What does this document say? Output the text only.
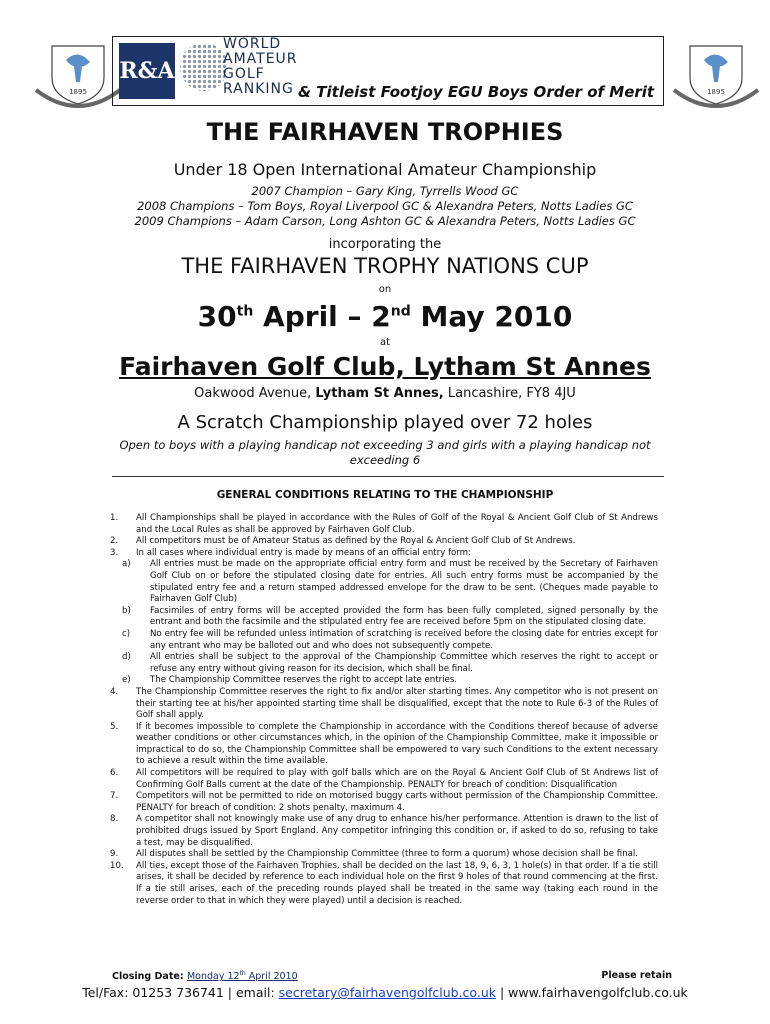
1895	1895
R&A
WORLD
AMATEUR
GOLF
RANKING & Titleist Footjoy EGU Boys Order of Merit
THE FAIRHAVEN TROPHIES
Under 18 Open International Amateur Championship
2007 Champion – Gary King, Tyrrells Wood GC
2008 Champions – Tom Boys, Royal Liverpool GC & Alexandra Peters, Notts Ladies GC
2009 Champions – Adam Carson, Long Ashton GC & Alexandra Peters, Notts Ladies GC
incorporating the
THE FAIRHAVEN TROPHY NATIONS CUP
on
30th April – 2nd May 2010
at
Fairhaven Golf Club, Lytham St Annes
Oakwood Avenue, Lytham St Annes, Lancashire, FY8 4JU
A Scratch Championship played over 72 holes
Open to boys with a playing handicap not exceeding 3 and girls with a playing handicap not exceeding 6
GENERAL CONDITIONS RELATING TO THE CHAMPIONSHIP
1.	All Championships shall be played in accordance with the Rules of Golf of the Royal & Ancient Golf Club of St Andrews and the Local Rules as shall be approved by Fairhaven Golf Club.
2.	All competitors must be of Amateur Status as defined by the Royal & Ancient Golf Club of St Andrews.
3.	In all cases where individual entry is made by means of an official entry form:
a)	All entries must be made on the appropriate official entry form and must be received by the Secretary of Fairhaven Golf Club on or before the stipulated closing date for entries. All such entry forms must be accompanied by the stipulated entry fee and a return stamped addressed envelope for the draw to be sent. (Cheques made payable to Fairhaven Golf Club)
b)	Facsimiles of entry forms will be accepted provided the form has been fully completed, signed personally by the entrant and both the facsimile and the stipulated entry fee are received before 5pm on the stipulated closing date.
c)	No entry fee will be refunded unless intimation of scratching is received before the closing date for entries except for any entrant who may be balloted out and who does not subsequently compete.
d)	All entries shall be subject to the approval of the Championship Committee which reserves the right to accept or refuse any entry without giving reason for its decision, which shall be final.
e)	The Championship Committee reserves the right to accept late entries.
4.	The Championship Committee reserves the right to fix and/or alter starting times. Any competitor who is not present on their starting tee at his/her appointed starting time shall be disqualified, except that the note to Rule 6-3 of the Rules of Golf shall apply.
5.	If it becomes impossible to complete the Championship in accordance with the Conditions thereof because of adverse weather conditions or other circumstances which, in the opinion of the Championship Committee, make it impossible or impractical to do so, the Championship Committee shall be empowered to vary such Conditions to the extent necessary to achieve a result within the time available.
6.	All competitors will be required to play with golf balls which are on the Royal & Ancient Golf Club of St Andrews list of Confirming Golf Balls current at the date of the Championship. PENALTY for breach of condition: Disqualification
7.	Competitors will not be permitted to ride on motorised buggy carts without permission of the Championship Committee. PENALTY for breach of condition: 2 shots penalty, maximum 4.
8.	A competitor shall not knowingly make use of any drug to enhance his/her performance. Attention is drawn to the list of prohibited drugs issued by Sport England. Any competitor infringing this condition or, if asked to do so, refusing to take a test, may be disqualified.
9.	All disputes shall be settled by the Championship Committee (three to form a quorum) whose decision shall be final.
10.	All ties, except those of the Fairhaven Trophies, shall be decided on the last 18, 9, 6, 3, 1 hole(s) in that order. If a tie still arises, it shall be decided by reference to each individual hole on the first 9 holes of that round commencing at the first. If a tie still arises, each of the preceding rounds played shall be treated in the same way (taking each round in the reverse order to that in which they were played) until a decision is reached.
Closing Date: Monday 12th April 2010	Please retain
Tel/Fax: 01253 736741 | email: secretary@fairhavengolfclub.co.uk | www.fairhavengolfclub.co.uk
